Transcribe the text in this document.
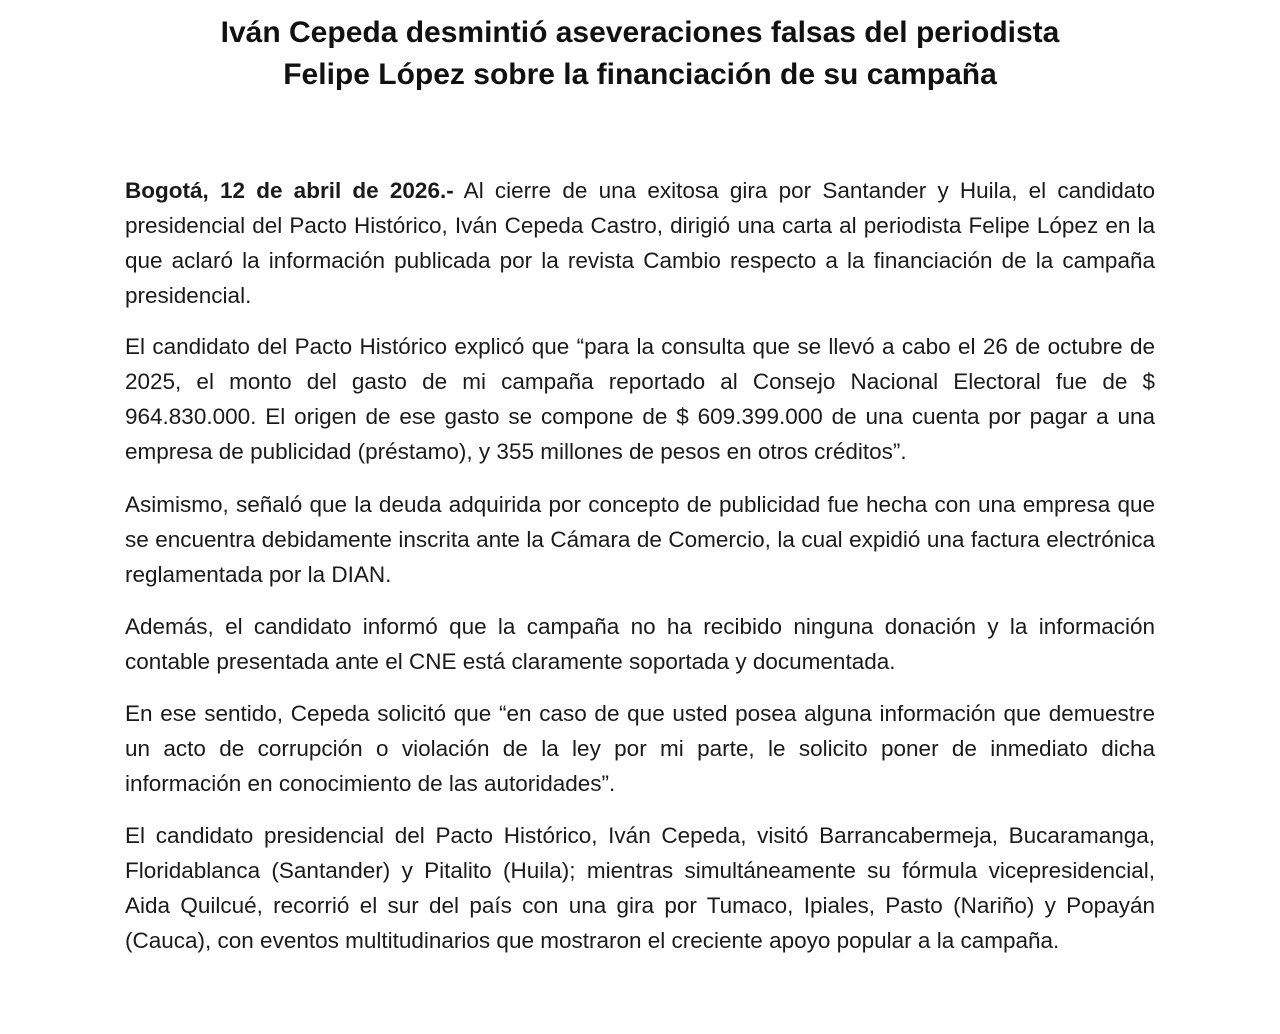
Iván Cepeda desmintió aseveraciones falsas del periodista
Felipe López sobre la financiación de su campaña

Bogotá, 12 de abril de 2026.- Al cierre de una exitosa gira por Santander y Huila, el candidato presidencial del Pacto Histórico, Iván Cepeda Castro, dirigió una carta al periodista Felipe López en la que aclaró la información publicada por la revista Cambio respecto a la financiación de la campaña presidencial.

El candidato del Pacto Histórico explicó que “para la consulta que se llevó a cabo el 26 de octubre de 2025, el monto del gasto de mi campaña reportado al Consejo Nacional Electoral fue de $ 964.830.000. El origen de ese gasto se compone de $ 609.399.000 de una cuenta por pagar a una empresa de publicidad (préstamo), y 355 millones de pesos en otros créditos”.

Asimismo, señaló que la deuda adquirida por concepto de publicidad fue hecha con una empresa que se encuentra debidamente inscrita ante la Cámara de Comercio, la cual expidió una factura electrónica reglamentada por la DIAN.

Además, el candidato informó que la campaña no ha recibido ninguna donación y la información contable presentada ante el CNE está claramente soportada y documentada.

En ese sentido, Cepeda solicitó que “en caso de que usted posea alguna información que demuestre un acto de corrupción o violación de la ley por mi parte, le solicito poner de inmediato dicha información en conocimiento de las autoridades”.

El candidato presidencial del Pacto Histórico, Iván Cepeda, visitó Barrancabermeja, Bucaramanga, Floridablanca (Santander) y Pitalito (Huila); mientras simultáneamente su fórmula vicepresidencial, Aida Quilcué, recorrió el sur del país con una gira por Tumaco, Ipiales, Pasto (Nariño) y Popayán (Cauca), con eventos multitudinarios que mostraron el creciente apoyo popular a la campaña.
